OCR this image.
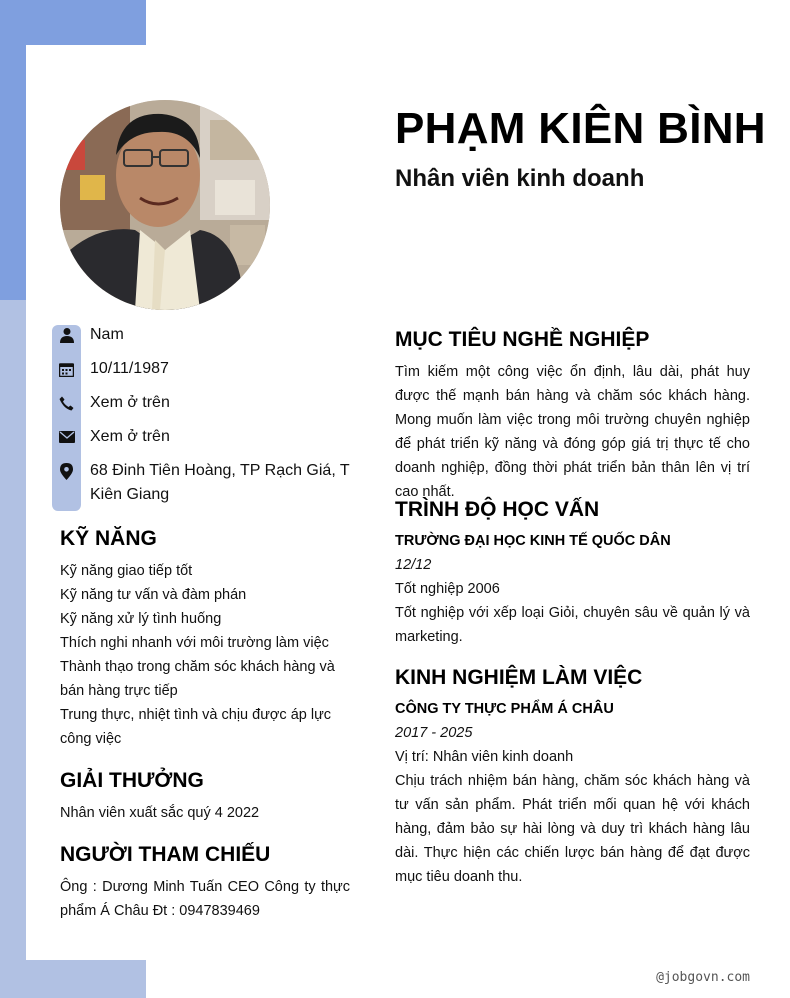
PHẠM KIÊN BÌNH
Nhân viên kinh doanh
Nam
10/11/1987
Xem ở trên
Xem ở trên
68 Đinh Tiên Hoàng, TP Rạch Giá, T Kiên Giang
KỸ NĂNG
Kỹ năng giao tiếp tốt
Kỹ năng tư vấn và đàm phán
Kỹ năng xử lý tình huống
Thích nghi nhanh với môi trường làm việc
Thành thạo trong chăm sóc khách hàng và bán hàng trực tiếp
Trung thực, nhiệt tình và chịu được áp lực công việc
GIẢI THƯỞNG
Nhân viên xuất sắc quý 4 2022
NGƯỜI THAM CHIẾU
Ông : Dương Minh Tuấn CEO Công ty thực phẩm Á Châu Đt : 0947839469
MỤC TIÊU NGHỀ NGHIỆP
Tìm kiếm một công việc ổn định, lâu dài, phát huy được thế mạnh bán hàng và chăm sóc khách hàng. Mong muốn làm việc trong môi trường chuyên nghiệp để phát triển kỹ năng và đóng góp giá trị thực tế cho doanh nghiệp, đồng thời phát triển bản thân lên vị trí cao nhất.
TRÌNH ĐỘ HỌC VẤN
TRƯỜNG ĐẠI HỌC KINH TẾ QUỐC DÂN
12/12
Tốt nghiệp 2006
Tốt nghiệp với xếp loại Giỏi, chuyên sâu về quản lý và marketing.
KINH NGHIỆM LÀM VIỆC
CÔNG TY THỰC PHẨM Á CHÂU
2017 - 2025
Vị trí: Nhân viên kinh doanh
Chịu trách nhiệm bán hàng, chăm sóc khách hàng và tư vấn sản phẩm. Phát triển mối quan hệ với khách hàng, đảm bảo sự hài lòng và duy trì khách hàng lâu dài. Thực hiện các chiến lược bán hàng để đạt được mục tiêu doanh thu.
@jobgovn.com
